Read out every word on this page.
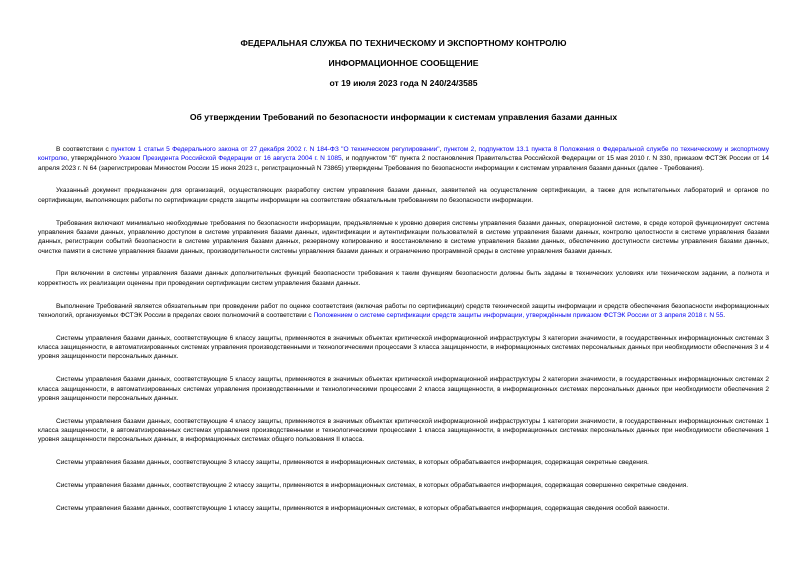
ФЕДЕРАЛЬНАЯ СЛУЖБА ПО ТЕХНИЧЕСКОМУ И ЭКСПОРТНОМУ КОНТРОЛЮ
ИНФОРМАЦИОННОЕ СООБЩЕНИЕ
от 19 июля 2023 года N 240/24/3585
Об утверждении Требований по безопасности информации к системам управления базами данных

В соответствии с пунктом 1 статьи 5 Федерального закона от 27 декабря 2002 г. N 184-ФЗ "О техническом регулировании", пунктом 2, подпунктом 13.1 пункта 8 Положения о Федеральной службе по техническому и экспортному контролю, утверждённого Указом Президента Российской Федерации от 16 августа 2004 г. N 1085, и подпунктом "б" пункта 2 постановления Правительства Российской Федерации от 15 мая 2010 г. N 330, приказом ФСТЭК России от 14 апреля 2023 г. N 64 (зарегистрирован Минюстом России 15 июня 2023 г., регистрационный N 73865) утверждены Требования по безопасности информации к системам управления базами данных (далее - Требования).

Указанный документ предназначен для организаций, осуществляющих разработку систем управления базами данных, заявителей на осуществление сертификации, а также для испытательных лабораторий и органов по сертификации, выполняющих работы по сертификации средств защиты информации на соответствие обязательным требованиям по безопасности информации.

Требования включают минимально необходимые требования по безопасности информации, предъявляемые к уровню доверия системы управления базами данных, операционной системе, в среде которой функционирует система управления базами данных, управлению доступом в системе управления базами данных, идентификации и аутентификации пользователей в системе управления базами данных, контролю целостности в системе управления базами данных, регистрации событий безопасности в системе управления базами данных, резервному копированию и восстановлению в системе управления базами данных, обеспечению доступности системы управления базами данных, очистке памяти в системе управления базами данных, производительности системы управления базами данных и ограничению программной среды в системе управления базами данных.

При включении в системы управления базами данных дополнительных функций безопасности требования к таким функциям безопасности должны быть заданы в технических условиях или техническом задании, а полнота и корректность их реализации оценены при проведении сертификации систем управления базами данных.

Выполнение Требований является обязательным при проведении работ по оценке соответствия (включая работы по сертификации) средств технической защиты информации и средств обеспечения безопасности информационных технологий, организуемых ФСТЭК России в пределах своих полномочий в соответствии с Положением о системе сертификации средств защиты информации, утверждённым приказом ФСТЭК России от 3 апреля 2018 г. N 55.

Системы управления базами данных, соответствующие 6 классу защиты, применяются в значимых объектах критической информационной инфраструктуры 3 категории значимости, в государственных информационных системах 3 класса защищенности, в автоматизированных системах управления производственными и технологическими процессами 3 класса защищенности, в информационных системах персональных данных при необходимости обеспечения 3 и 4 уровня защищенности персональных данных.

Системы управления базами данных, соответствующие 5 классу защиты, применяются в значимых объектах критической информационной инфраструктуры 2 категории значимости, в государственных информационных системах 2 класса защищенности, в автоматизированных системах управления производственными и технологическими процессами 2 класса защищенности, в информационных системах персональных данных при необходимости обеспечения 2 уровня защищенности персональных данных.

Системы управления базами данных, соответствующие 4 классу защиты, применяются в значимых объектах критической информационной инфраструктуры 1 категории значимости, в государственных информационных системах 1 класса защищенности, в автоматизированных системах управления производственными и технологическими процессами 1 класса защищенности, в информационных системах персональных данных при необходимости обеспечения 1 уровня защищенности персональных данных, в информационных системах общего пользования II класса.

Системы управления базами данных, соответствующие 3 классу защиты, применяются в информационных системах, в которых обрабатывается информация, содержащая секретные сведения.

Системы управления базами данных, соответствующие 2 классу защиты, применяются в информационных системах, в которых обрабатывается информация, содержащая совершенно секретные сведения.

Системы управления базами данных, соответствующие 1 классу защиты, применяются в информационных системах, в которых обрабатывается информация, содержащая сведения особой важности.
